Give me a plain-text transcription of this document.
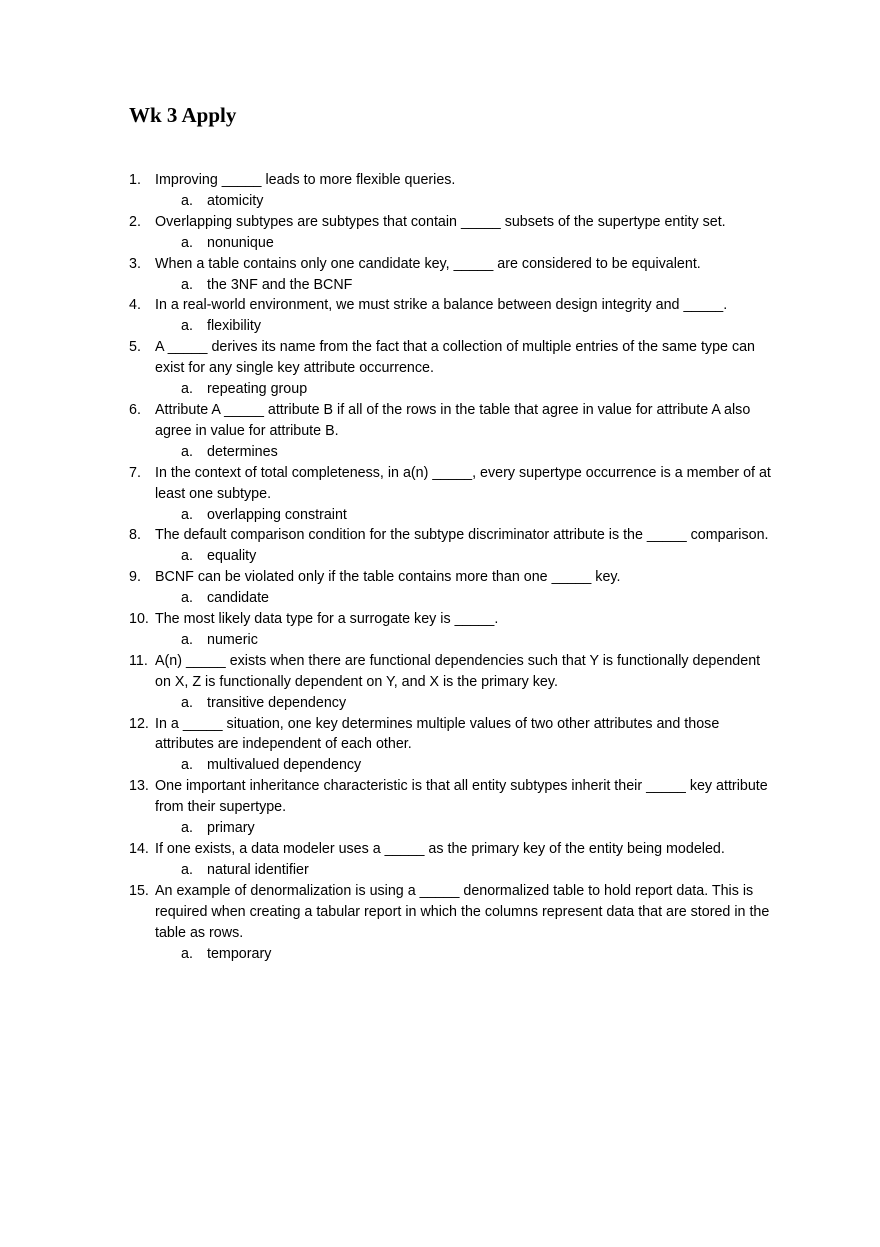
Wk 3 Apply
1. Improving _____ leads to more flexible queries.
a. atomicity
2. Overlapping subtypes are subtypes that contain _____ subsets of the supertype entity set.
a. nonunique
3. When a table contains only one candidate key, _____ are considered to be equivalent.
a. the 3NF and the BCNF
4. In a real-world environment, we must strike a balance between design integrity and _____.
a. flexibility
5. A _____ derives its name from the fact that a collection of multiple entries of the same type can exist for any single key attribute occurrence.
a. repeating group
6. Attribute A _____ attribute B if all of the rows in the table that agree in value for attribute A also agree in value for attribute B.
a. determines
7. In the context of total completeness, in a(n) _____, every supertype occurrence is a member of at least one subtype.
a. overlapping constraint
8. The default comparison condition for the subtype discriminator attribute is the _____ comparison.
a. equality
9. BCNF can be violated only if the table contains more than one _____ key.
a. candidate
10. The most likely data type for a surrogate key is _____.
a. numeric
11. A(n) _____ exists when there are functional dependencies such that Y is functionally dependent on X, Z is functionally dependent on Y, and X is the primary key.
a. transitive dependency
12. In a _____ situation, one key determines multiple values of two other attributes and those attributes are independent of each other.
a. multivalued dependency
13. One important inheritance characteristic is that all entity subtypes inherit their _____ key attribute from their supertype.
a. primary
14. If one exists, a data modeler uses a _____ as the primary key of the entity being modeled.
a. natural identifier
15. An example of denormalization is using a _____ denormalized table to hold report data. This is required when creating a tabular report in which the columns represent data that are stored in the table as rows.
a. temporary
